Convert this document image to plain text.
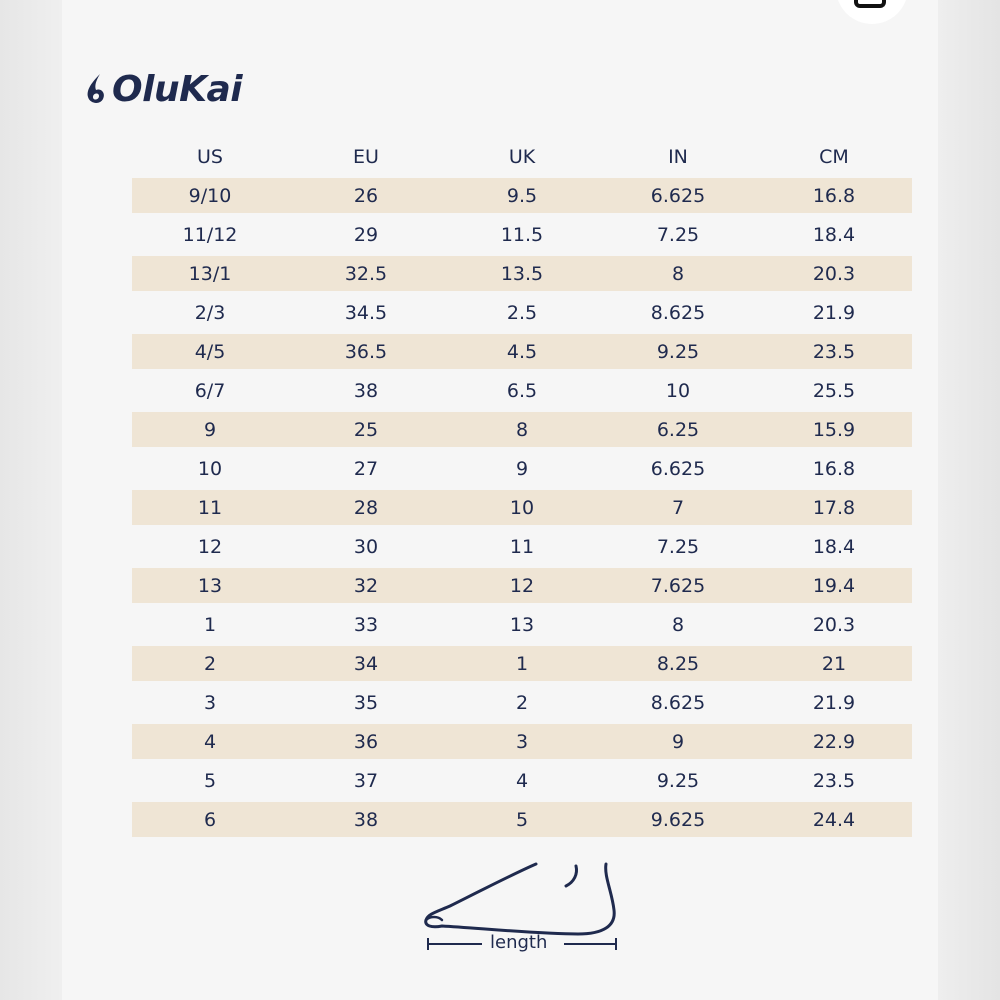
OluKai
US	EU	UK	IN	CM
9/10	26	9.5	6.625	16.8
11/12	29	11.5	7.25	18.4
13/1	32.5	13.5	8	20.3
2/3	34.5	2.5	8.625	21.9
4/5	36.5	4.5	9.25	23.5
6/7	38	6.5	10	25.5
9	25	8	6.25	15.9
10	27	9	6.625	16.8
11	28	10	7	17.8
12	30	11	7.25	18.4
13	32	12	7.625	19.4
1	33	13	8	20.3
2	34	1	8.25	21
3	35	2	8.625	21.9
4	36	3	9	22.9
5	37	4	9.25	23.5
6	38	5	9.625	24.4
length
